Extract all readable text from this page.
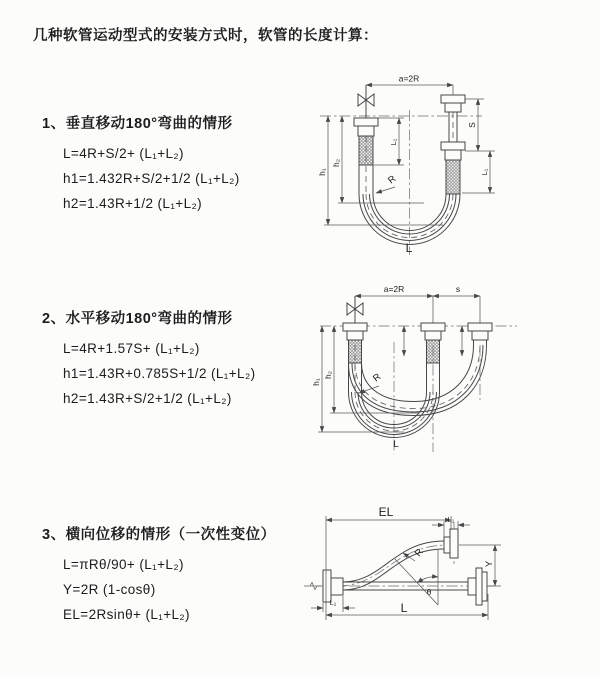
几种软管运动型式的安装方式时，软管的长度计算：
1、垂直移动180°弯曲的情形
L=4R+S/2+ (L₁+L₂)
h1=1.432R+S/2+1/2 (L₁+L₂)
h2=1.43R+1/2 (L₁+L₂)
2、水平移动180°弯曲的情形
L=4R+1.57S+ (L₁+L₂)
h1=1.43R+0.785S+1/2 (L₁+L₂)
h2=1.43R+S/2+1/2 (L₁+L₂)
3、横向位移的情形（一次性变位）
L=πRθ/90+ (L₁+L₂)
Y=2R (1-cosθ)
EL=2Rsinθ+ (L₁+L₂)
a=2R
S
L₁
L₁
h₁
h₂
R
L
a=2R	s
h₁
h₂	R
L
EL
L₁
L₁
Y
L
θ
R
